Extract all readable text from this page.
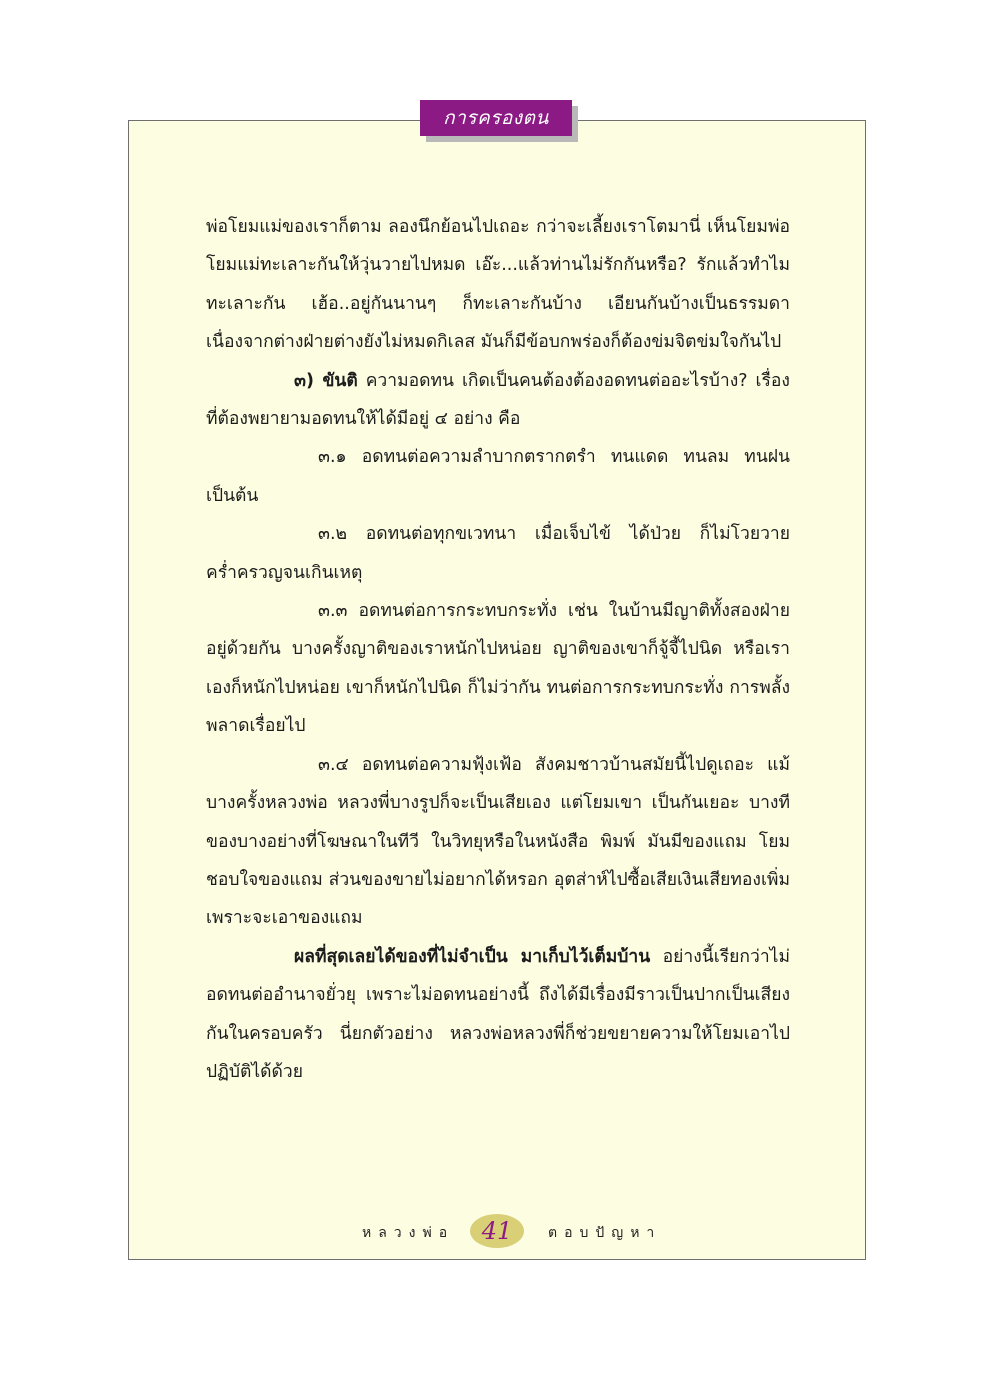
การครองตน

พ่อโยมแม่ของเราก็ตาม ลองนึกย้อนไปเถอะ กว่าจะเลี้ยงเราโตมานี่ เห็นโยมพ่อโยมแม่ทะเลาะกันให้วุ่นวายไปหมด เอ๊ะ...แล้วท่านไม่รักกันหรือ? รักแล้วทำไมทะเลาะกัน เฮ้อ..อยู่กันนานๆ ก็ทะเลาะกันบ้าง เอียนกันบ้างเป็นธรรมดา เนื่องจากต่างฝ่ายต่างยังไม่หมดกิเลส มันก็มีข้อบกพร่องก็ต้องข่มจิตข่มใจกันไป

๓) ขันติ ความอดทน เกิดเป็นคนต้องต้องอดทนต่ออะไรบ้าง? เรื่องที่ต้องพยายามอดทนให้ได้มีอยู่ ๔ อย่าง คือ

๓.๑ อดทนต่อความลำบากตรากตรำ ทนแดด ทนลม ทนฝน เป็นต้น

๓.๒ อดทนต่อทุกขเวทนา เมื่อเจ็บไข้ ได้ป่วย ก็ไม่โวยวายคร่ำครวญจนเกินเหตุ

๓.๓ อดทนต่อการกระทบกระทั่ง เช่น ในบ้านมีญาติทั้งสองฝ่ายอยู่ด้วยกัน บางครั้งญาติของเราหนักไปหน่อย ญาติของเขาก็จู้จี้ไปนิด หรือเราเองก็หนักไปหน่อย เขาก็หนักไปนิด ก็ไม่ว่ากัน ทนต่อการกระทบกระทั่ง การพลั้งพลาดเรื่อยไป

๓.๔ อดทนต่อความฟุ้งเฟ้อ สังคมชาวบ้านสมัยนี้ไปดูเถอะ แม้บางครั้งหลวงพ่อ หลวงพี่บางรูปก็จะเป็นเสียเอง แต่โยมเขา เป็นกันเยอะ บางทีของบางอย่างที่โฆษณาในทีวี ในวิทยุหรือในหนังสือ พิมพ์ มันมีของแถม โยมชอบใจของแถม ส่วนของขายไม่อยากได้หรอก อุตส่าห์ไปซื้อเสียเงินเสียทองเพิ่ม เพราะจะเอาของแถม

ผลที่สุดเลยได้ของที่ไม่จำเป็น มาเก็บไว้เต็มบ้าน อย่างนี้เรียกว่าไม่อดทนต่ออำนาจยั่วยุ เพราะไม่อดทนอย่างนี้ ถึงได้มีเรื่องมีราวเป็นปากเป็นเสียงกันในครอบครัว นี่ยกตัวอย่าง หลวงพ่อหลวงพี่ก็ช่วยขยายความให้โยมเอาไปปฏิบัติได้ด้วย

หลวงพ่อ	41	ตอบปัญหา
